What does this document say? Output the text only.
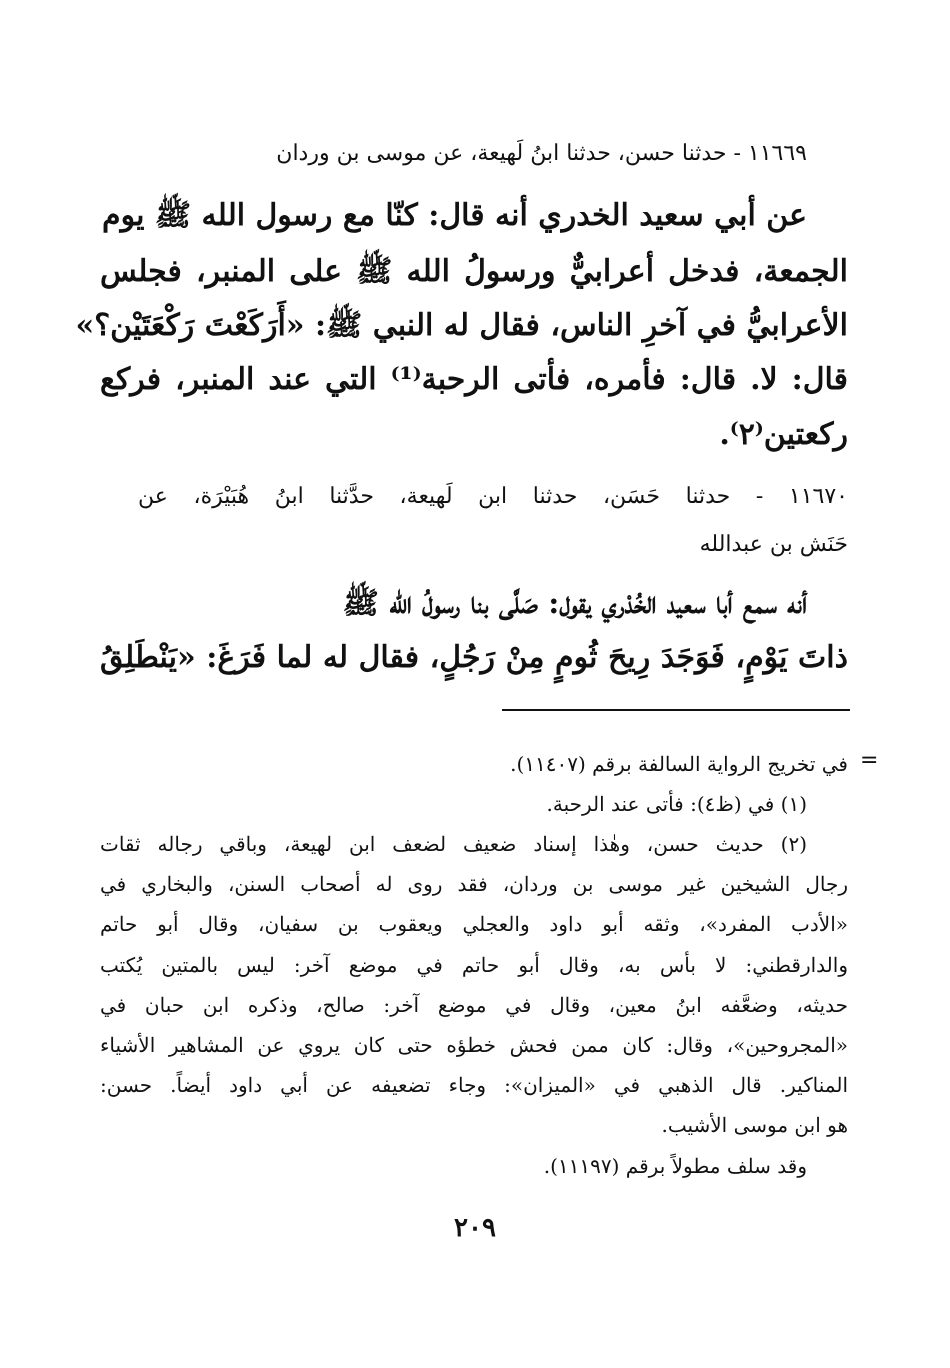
١١٦٦٩ - حدثنا حسن، حدثنا ابنُ لَهيعة، عن موسى بن وردان
عن أبي سعيد الخدري أنه قال: كنّا مع رسول الله ﷺ يوم
الجمعة، فدخل أعرابيٌّ ورسولُ الله ﷺ على المنبر، فجلس
الأعرابيُّ في آخرِ الناس، فقال له النبي ﷺ: «أَرَكَعْتَ رَكْعَتَيْن؟»
قال: لا. قال: فأمره، فأتى الرحبة⁽¹⁾ التي عند المنبر، فركع
ركعتين⁽٢⁾.
١١٦٧٠ - حدثنا حَسَن، حدثنا ابن لَهيعة، حدَّثنا ابنُ هُبَيْرَة، عن
حَنَش بن عبدالله
أنه سمع أبا سعيد الخُدْري يقول: صَلَّى بنا رسولُ الله ﷺ
ذاتَ يَوْمٍ، فَوَجَدَ رِيحَ ثُومٍ مِنْ رَجُلٍ، فقال له لما فَرَغَ: «يَنْطَلِقُ
=
في تخريج الرواية السالفة برقم (١١٤٠٧).
(١) في (ظ٤): فأتى عند الرحبة.
(٢) حديث حسن، وهٰذا إسناد ضعيف لضعف ابن لهيعة، وباقي رجاله ثقات
رجال الشيخين غير موسى بن وردان، فقد روى له أصحاب السنن، والبخاري في
«الأدب المفرد»، وثقه أبو داود والعجلي ويعقوب بن سفيان، وقال أبو حاتم
والدارقطني: لا بأس به، وقال أبو حاتم في موضع آخر: ليس بالمتين يُكتب
حديثه، وضعَّفه ابنُ معين، وقال في موضع آخر: صالح، وذكره ابن حبان في
«المجروحين»، وقال: كان ممن فحش خطؤه حتى كان يروي عن المشاهير الأشياء
المناكير. قال الذهبي في «الميزان»: وجاء تضعيفه عن أبي داود أيضاً. حسن:
هو ابن موسى الأشيب.
وقد سلف مطولاً برقم (١١١٩٧).
٢٠٩
